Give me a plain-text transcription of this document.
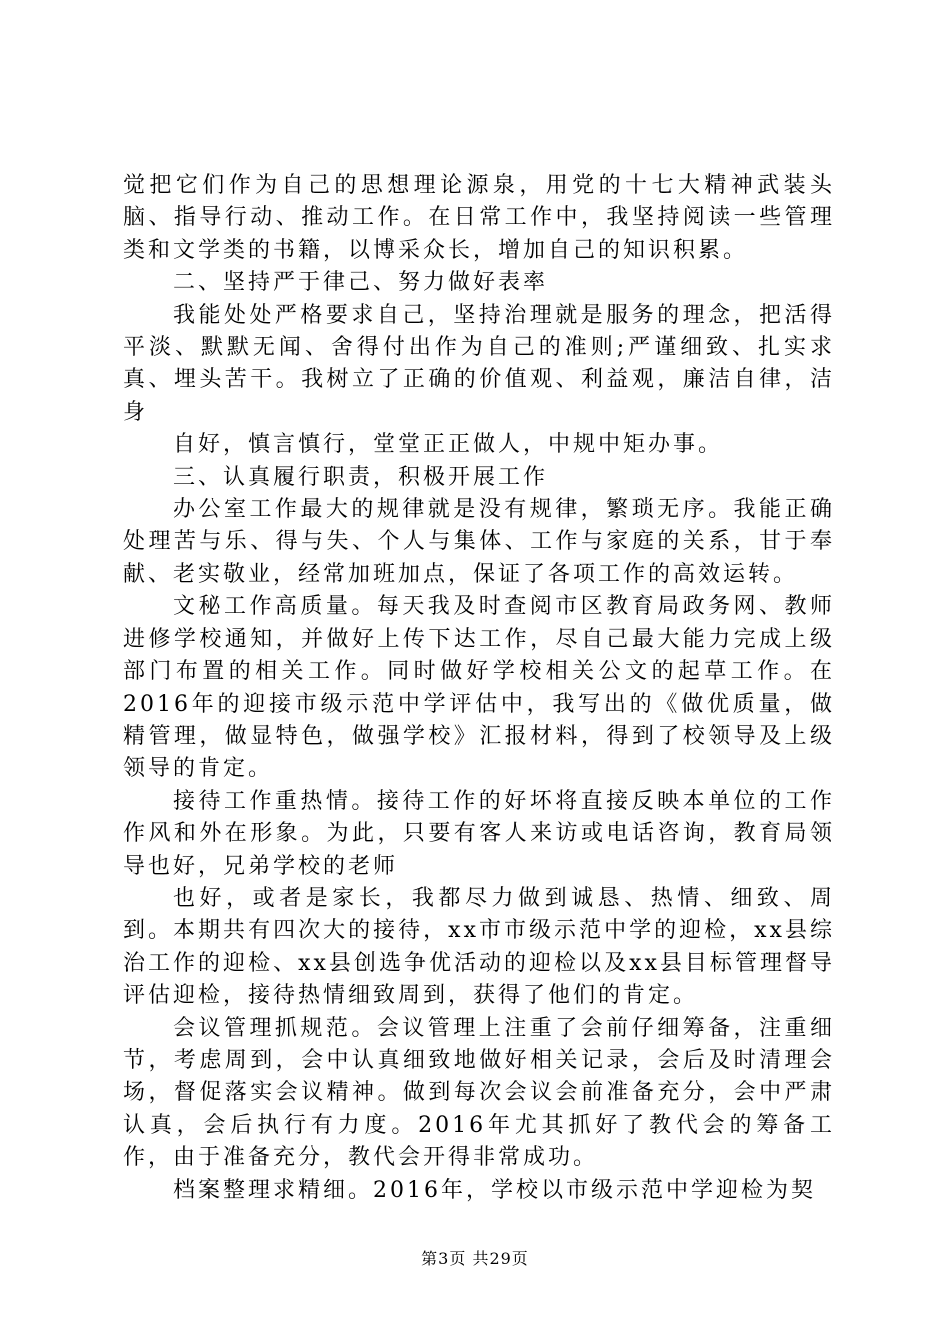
觉把它们作为自己的思想理论源泉，用党的十七大精神武装头脑、指导行动、推动工作。在日常工作中，我坚持阅读一些管理类和文学类的书籍，以博采众长，增加自己的知识积累。

二、坚持严于律己、努力做好表率

我能处处严格要求自己，坚持治理就是服务的理念，把活得平淡、默默无闻、舍得付出作为自己的准则;严谨细致、扎实求真、埋头苦干。我树立了正确的价值观、利益观，廉洁自律，洁身

自好，慎言慎行，堂堂正正做人，中规中矩办事。

三、认真履行职责，积极开展工作

办公室工作最大的规律就是没有规律，繁琐无序。我能正确处理苦与乐、得与失、个人与集体、工作与家庭的关系，甘于奉献、老实敬业，经常加班加点，保证了各项工作的高效运转。

文秘工作高质量。每天我及时查阅市区教育局政务网、教师进修学校通知，并做好上传下达工作，尽自己最大能力完成上级部门布置的相关工作。同时做好学校相关公文的起草工作。在2016年的迎接市级示范中学评估中，我写出的《做优质量，做精管理，做显特色，做强学校》汇报材料，得到了校领导及上级领导的肯定。

接待工作重热情。接待工作的好坏将直接反映本单位的工作作风和外在形象。为此，只要有客人来访或电话咨询，教育局领导也好，兄弟学校的老师

也好，或者是家长，我都尽力做到诚恳、热情、细致、周到。本期共有四次大的接待，xx市市级示范中学的迎检，xx县综治工作的迎检、xx县创选争优活动的迎检以及xx县目标管理督导评估迎检，接待热情细致周到，获得了他们的肯定。

会议管理抓规范。会议管理上注重了会前仔细筹备，注重细节，考虑周到，会中认真细致地做好相关记录，会后及时清理会场，督促落实会议精神。做到每次会议会前准备充分，会中严肃认真，会后执行有力度。2016年尤其抓好了教代会的筹备工作，由于准备充分，教代会开得非常成功。

档案整理求精细。2016年，学校以市级示范中学迎检为契

第3页 共29页
